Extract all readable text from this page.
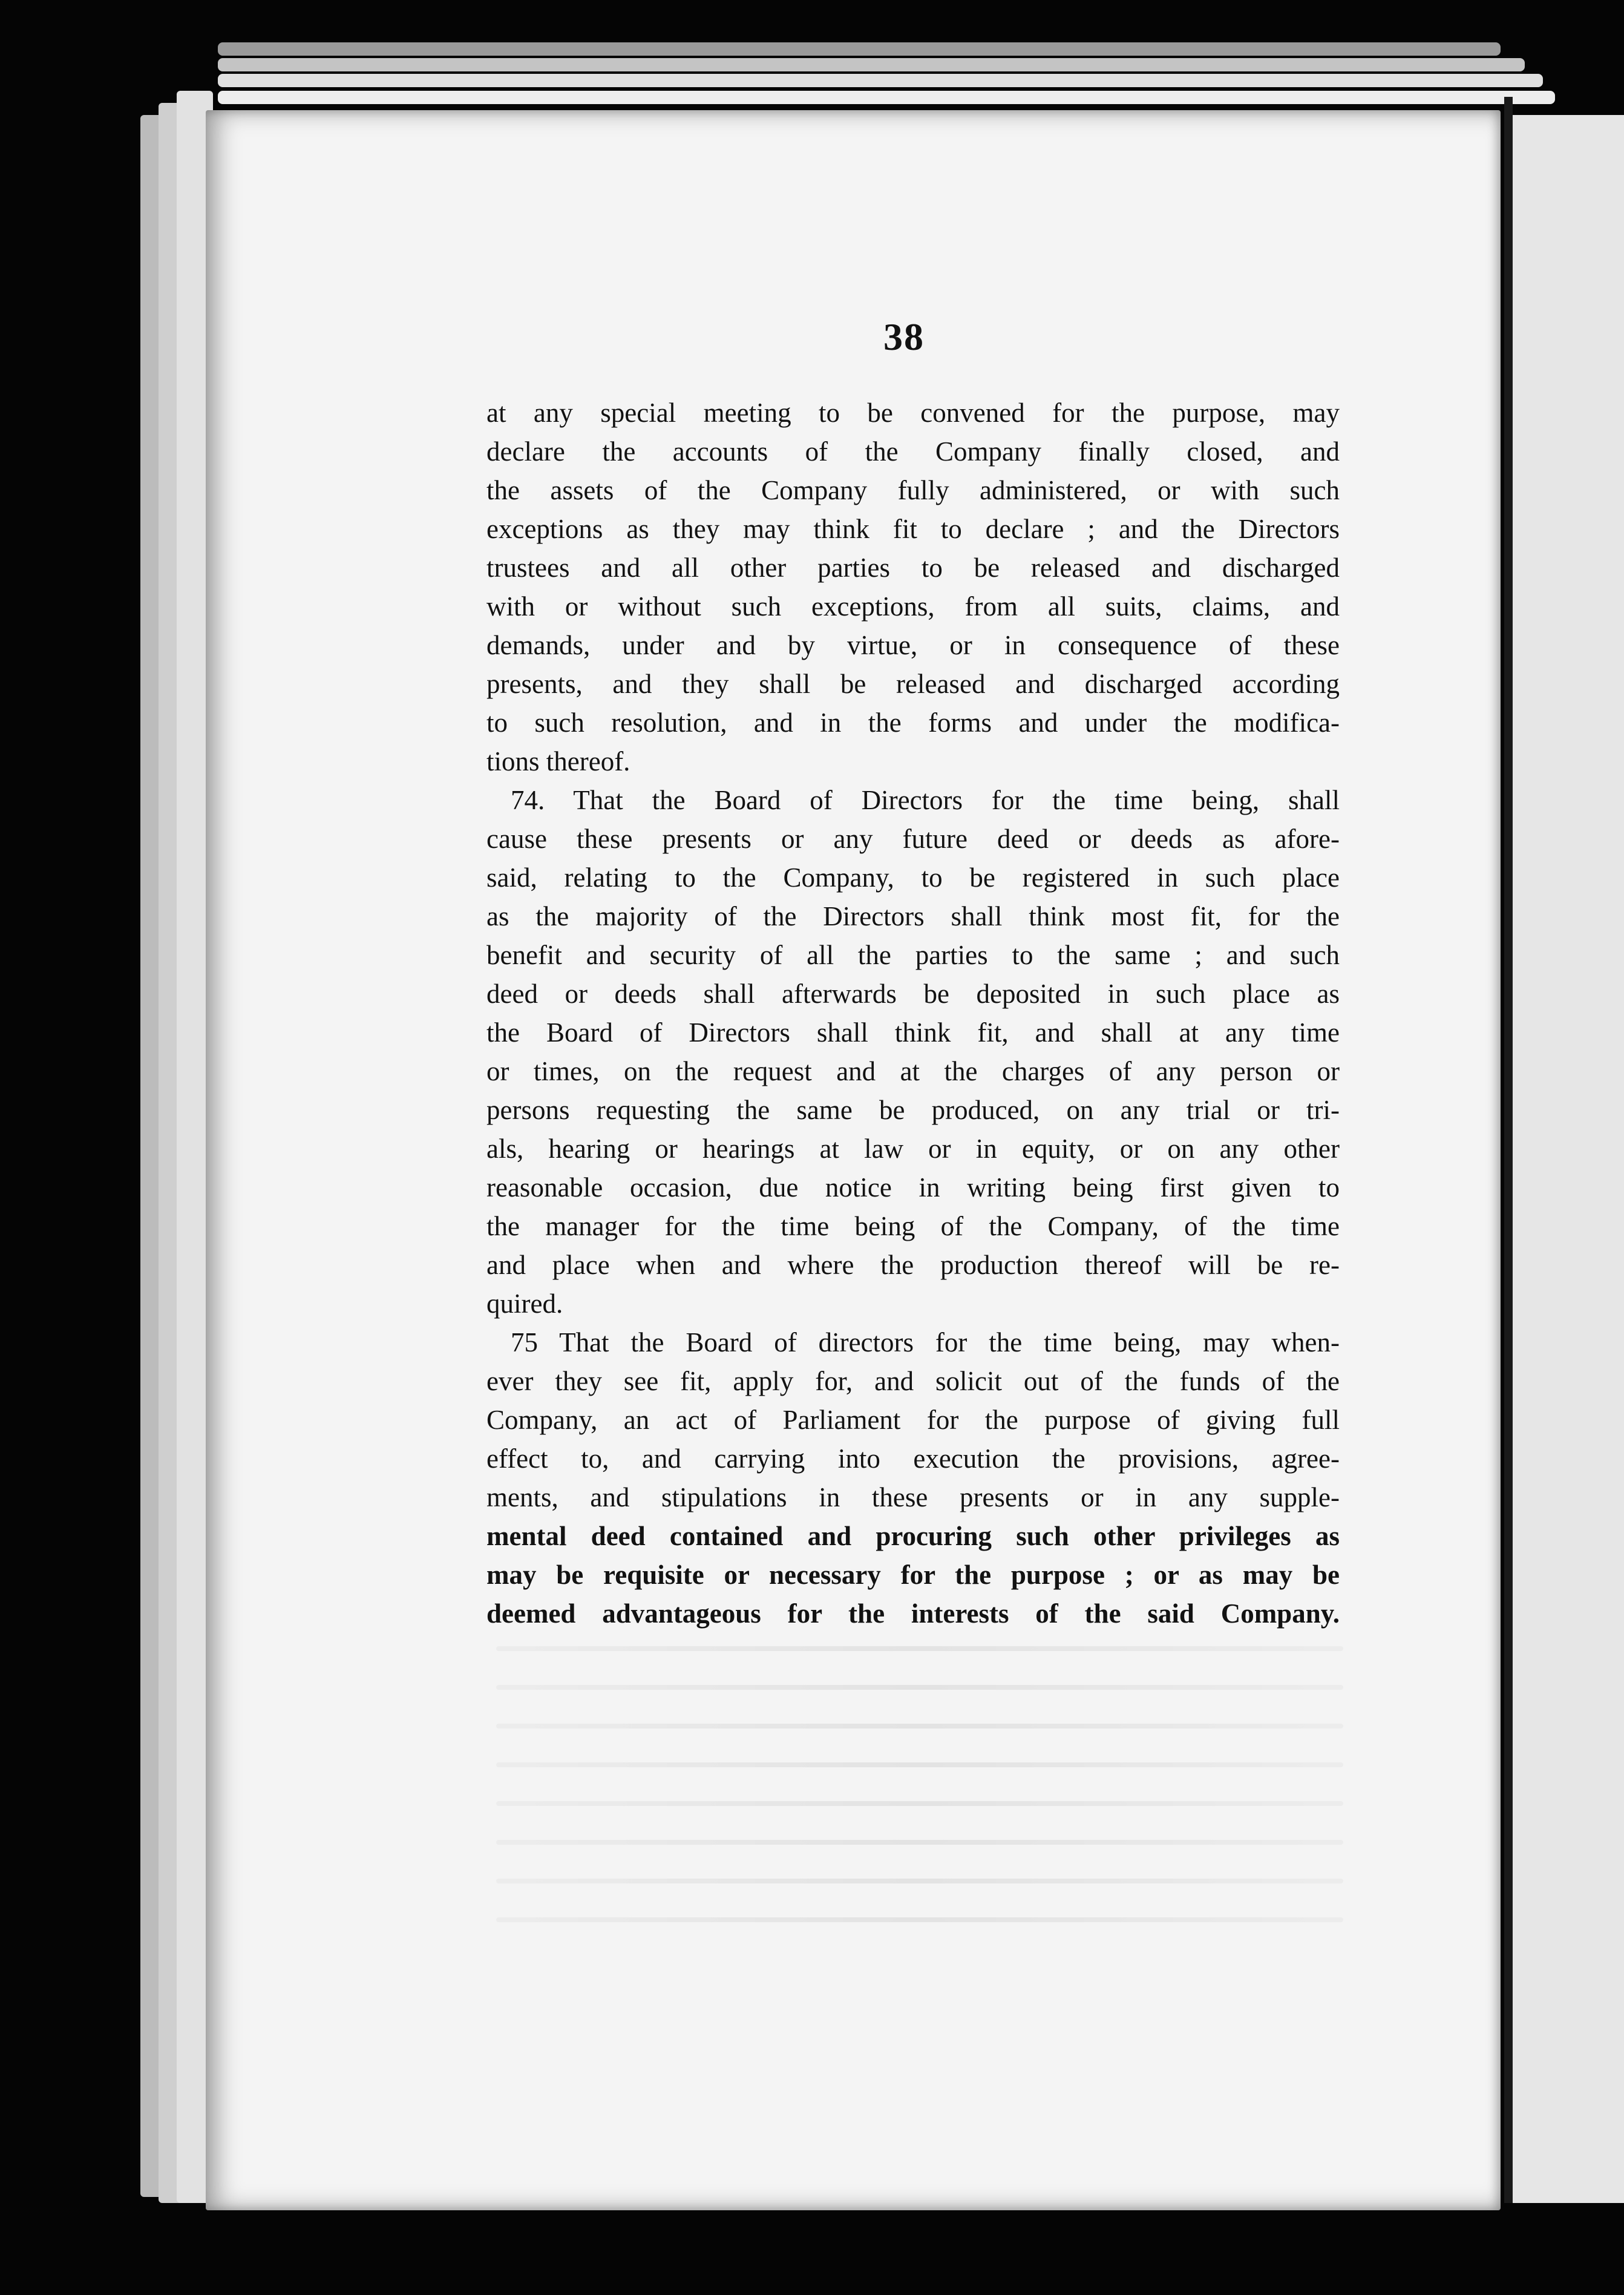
38
at any special meeting to be convened for the purpose, may
declare the accounts of the Company finally closed, and
the assets of the Company fully administered, or with such
exceptions as they may think fit to declare ; and the Directors
trustees and all other parties to be released and discharged
with or without such exceptions, from all suits, claims, and
demands, under and by virtue, or in consequence of these
presents, and they shall be released and discharged according
to such resolution, and in the forms and under the modifica-
tions thereof.
74. That the Board of Directors for the time being, shall
cause these presents or any future deed or deeds as afore-
said, relating to the Company, to be registered in such place
as the majority of the Directors shall think most fit, for the
benefit and security of all the parties to the same ; and such
deed or deeds shall afterwards be deposited in such place as
the Board of Directors shall think fit, and shall at any time
or times, on the request and at the charges of any person or
persons requesting the same be produced, on any trial or tri-
als, hearing or hearings at law or in equity, or on any other
reasonable occasion, due notice in writing being first given to
the manager for the time being of the Company, of the time
and place when and where the production thereof will be re-
quired.
75 That the Board of directors for the time being, may when-
ever they see fit, apply for, and solicit out of the funds of the
Company, an act of Parliament for the purpose of giving full
effect to, and carrying into execution the provisions, agree-
ments, and stipulations in these presents or in any supple-
mental deed contained and procuring such other privileges as
may be requisite or necessary for the purpose ; or as may be
deemed advantageous for the interests of the said Company.
